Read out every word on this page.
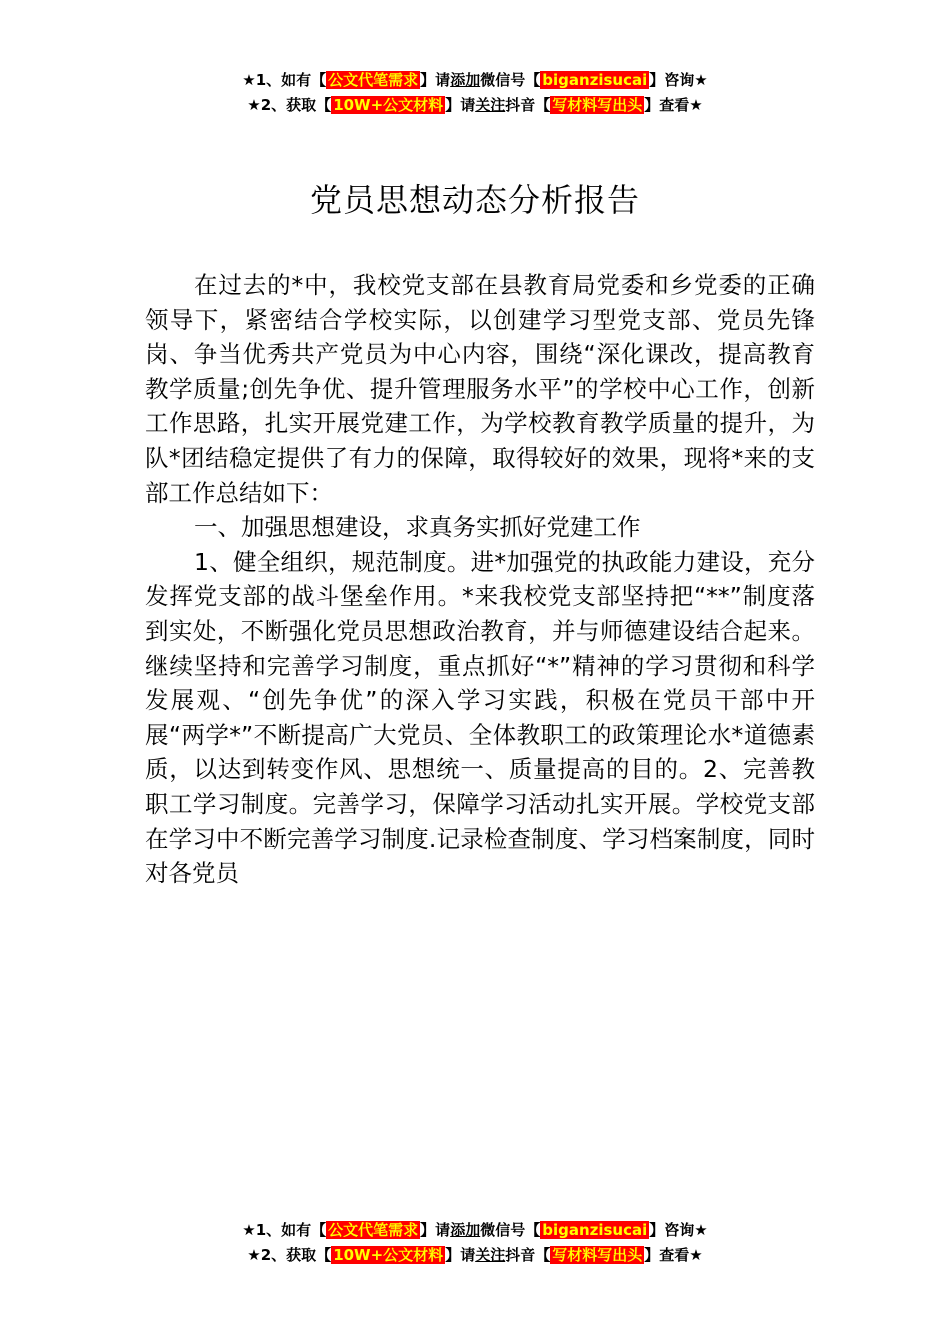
★1、如有【 公文代笔需求 】请添加微信号【 biganzisucai 】咨询★
★2、获取【 10W+公文材料 】请关注抖音【 写材料写出头 】查看★
党员思想动态分析报告

在过去的*中，我校党支部在县教育局党委和乡党委的正确领导下，紧密结合学校实际，以创建学习型党支部、党员先锋岗、争当优秀共产党员为中心内容，围绕“深化课改，提高教育教学质量;创先争优、提升管理服务水平”的学校中心工作，创新工作思路，扎实开展党建工作，为学校教育教学质量的提升，为队*团结稳定提供了有力的保障，取得较好的效果，现将*来的支部工作总结如下：

一、加强思想建设，求真务实抓好党建工作

1、健全组织，规范制度。进*加强党的执政能力建设，充分发挥党支部的战斗堡垒作用。*来我校党支部坚持把“**”制度落到实处，不断强化党员思想政治教育，并与师德建设结合起来。继续坚持和完善学习制度，重点抓好“*”精神的学习贯彻和科学发展观、“创先争优”的深入学习实践，积极在党员干部中开展“两学*”不断提高广大党员、全体教职工的政策理论水*道德素质，以达到转变作风、思想统一、质量提高的目的。2、完善教职工学习制度。完善学习，保障学习活动扎实开展。学校党支部在学习中不断完善学习制度.记录检查制度、学习档案制度，同时对各党员

★1、如有【 公文代笔需求 】请添加微信号【 biganzisucai 】咨询★
★2、获取【 10W+公文材料 】请关注抖音【 写材料写出头 】查看★
